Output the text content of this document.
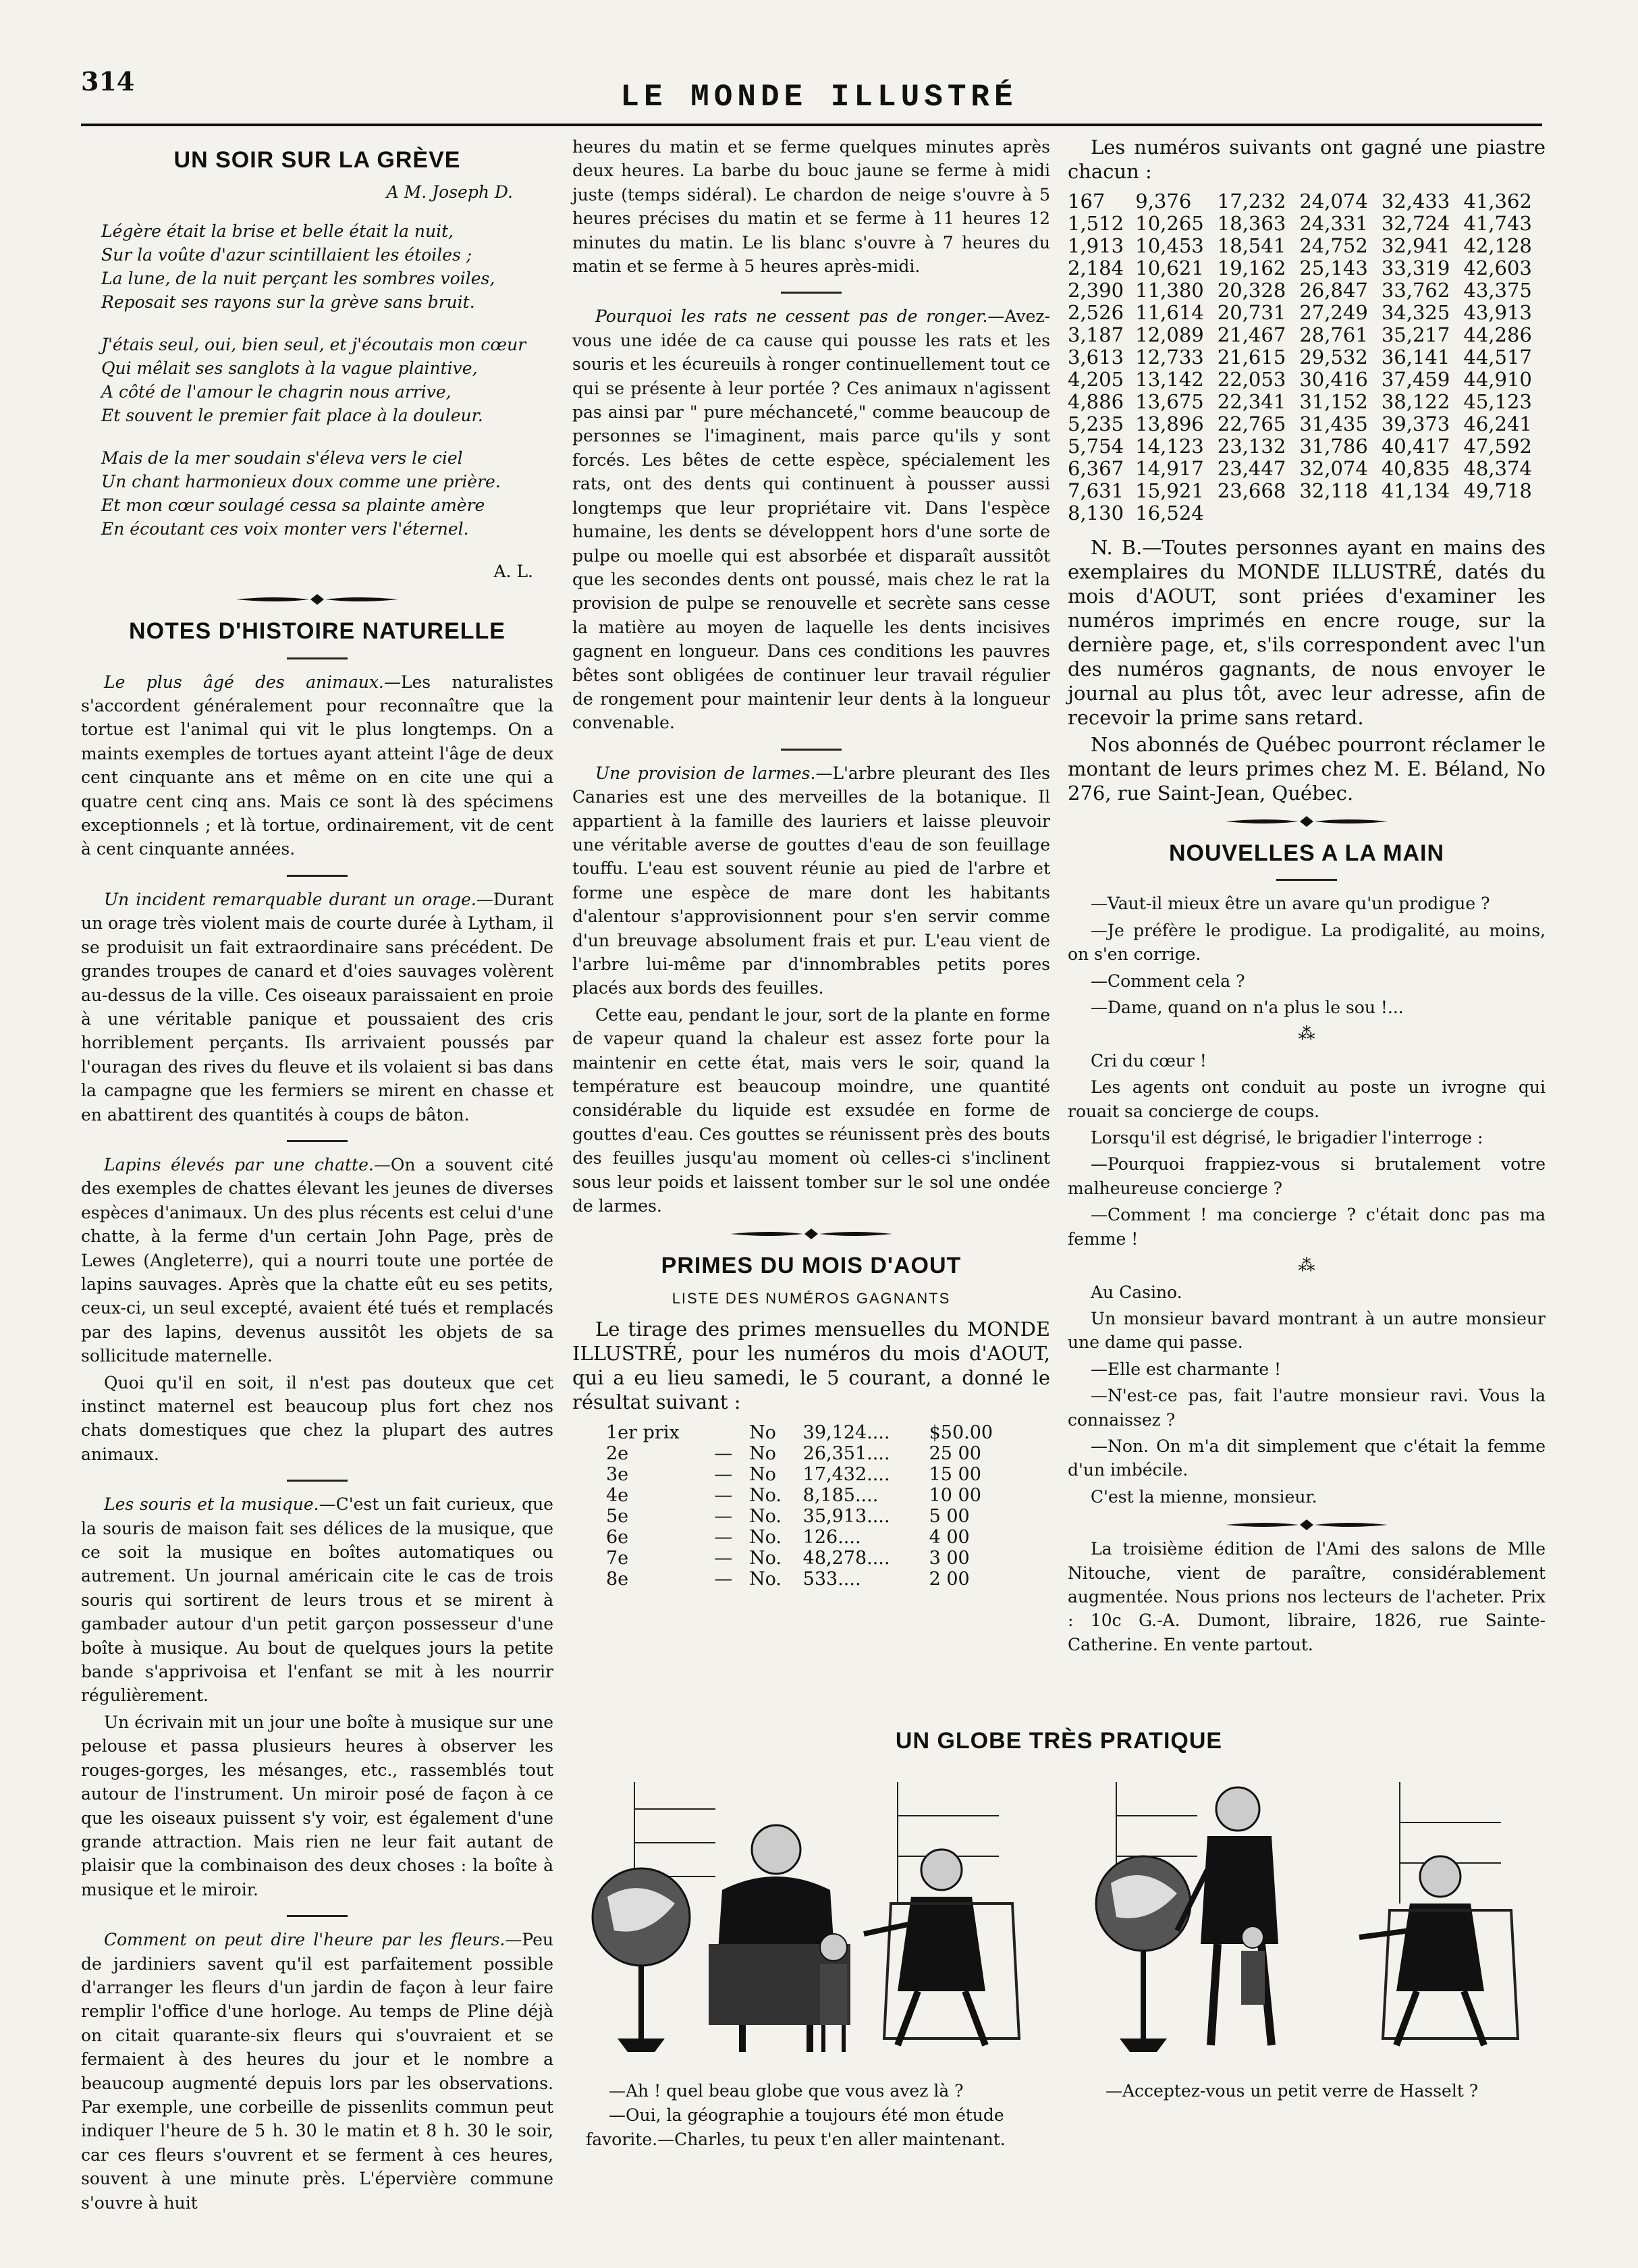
314	LE MONDE ILLUSTRÉ
UN SOIR SUR LA GRÈVE
A M. Joseph D.
Légère était la brise et belle était la nuit,
Sur la voûte d'azur scintillaient les étoiles ;
La lune, de la nuit perçant les sombres voiles,
Reposait ses rayons sur la grève sans bruit.
J'étais seul, oui, bien seul, et j'écoutais mon cœur
Qui mêlait ses sanglots à la vague plaintive,
A côté de l'amour le chagrin nous arrive,
Et souvent le premier fait place à la douleur.
Mais de la mer soudain s'éleva vers le ciel
Un chant harmonieux doux comme une prière.
Et mon cœur soulagé cessa sa plainte amère
En écoutant ces voix monter vers l'éternel.
A. L.
NOTES D'HISTOIRE NATURELLE

Le plus âgé des animaux.—Les naturalistes s'accordent généralement pour reconnaître que la tortue est l'animal qui vit le plus longtemps. On a maints exemples de tortues ayant atteint l'âge de deux cent cinquante ans et même on en cite une qui a quatre cent cinq ans. Mais ce sont là des spécimens exceptionnels ; et là tortue, ordinairement, vit de cent à cent cinquante années.

Un incident remarquable durant un orage.—Durant un orage très violent mais de courte durée à Lytham, il se produisit un fait extraordinaire sans précédent. De grandes troupes de canard et d'oies sauvages volèrent au-dessus de la ville. Ces oiseaux paraissaient en proie à une véritable panique et poussaient des cris horriblement perçants. Ils arrivaient poussés par l'ouragan des rives du fleuve et ils volaient si bas dans la campagne que les fermiers se mirent en chasse et en abattirent des quantités à coups de bâton.

Lapins élevés par une chatte.—On a souvent cité des exemples de chattes élevant les jeunes de diverses espèces d'animaux. Un des plus récents est celui d'une chatte, à la ferme d'un certain John Page, près de Lewes (Angleterre), qui a nourri toute une portée de lapins sauvages. Après que la chatte eût eu ses petits, ceux-ci, un seul excepté, avaient été tués et remplacés par des lapins, devenus aussitôt les objets de sa sollicitude maternelle.

Quoi qu'il en soit, il n'est pas douteux que cet instinct maternel est beaucoup plus fort chez nos chats domestiques que chez la plupart des autres animaux.

Les souris et la musique.—C'est un fait curieux, que la souris de maison fait ses délices de la musique, que ce soit la musique en boîtes automatiques ou autrement. Un journal américain cite le cas de trois souris qui sortirent de leurs trous et se mirent à gambader autour d'un petit garçon possesseur d'une boîte à musique. Au bout de quelques jours la petite bande s'apprivoisa et l'enfant se mit à les nourrir régulièrement.

Un écrivain mit un jour une boîte à musique sur une pelouse et passa plusieurs heures à observer les rouges-gorges, les mésanges, etc., rassemblés tout autour de l'instrument. Un miroir posé de façon à ce que les oiseaux puissent s'y voir, est également d'une grande attraction. Mais rien ne leur fait autant de plaisir que la combinaison des deux choses : la boîte à musique et le miroir.

Comment on peut dire l'heure par les fleurs.—Peu de jardiniers savent qu'il est parfaitement possible d'arranger les fleurs d'un jardin de façon à leur faire remplir l'office d'une horloge. Au temps de Pline déjà on citait quarante-six fleurs qui s'ouvraient et se fermaient à des heures du jour et le nombre a beaucoup augmenté depuis lors par les observations. Par exemple, une corbeille de pissenlits commun peut indiquer l'heure de 5 h. 30 le matin et 8 h. 30 le soir, car ces fleurs s'ouvrent et se ferment à ces heures, souvent à une minute près. L'épervière commune s'ouvre à huit

heures du matin et se ferme quelques minutes après deux heures. La barbe du bouc jaune se ferme à midi juste (temps sidéral). Le chardon de neige s'ouvre à 5 heures précises du matin et se ferme à 11 heures 12 minutes du matin. Le lis blanc s'ouvre à 7 heures du matin et se ferme à 5 heures après-midi.

Pourquoi les rats ne cessent pas de ronger.—Avez-vous une idée de ca cause qui pousse les rats et les souris et les écureuils à ronger continuellement tout ce qui se présente à leur portée ? Ces animaux n'agissent pas ainsi par " pure méchanceté," comme beaucoup de personnes se l'imaginent, mais parce qu'ils y sont forcés. Les bêtes de cette espèce, spécialement les rats, ont des dents qui continuent à pousser aussi longtemps que leur propriétaire vit. Dans l'espèce humaine, les dents se développent hors d'une sorte de pulpe ou moelle qui est absorbée et disparaît aussitôt que les secondes dents ont poussé, mais chez le rat la provision de pulpe se renouvelle et secrète sans cesse la matière au moyen de laquelle les dents incisives gagnent en longueur. Dans ces conditions les pauvres bêtes sont obligées de continuer leur travail régulier de rongement pour maintenir leur dents à la longueur convenable.

Une provision de larmes.—L'arbre pleurant des Iles Canaries est une des merveilles de la botanique. Il appartient à la famille des lauriers et laisse pleuvoir une véritable averse de gouttes d'eau de son feuillage touffu. L'eau est souvent réunie au pied de l'arbre et forme une espèce de mare dont les habitants d'alentour s'approvisionnent pour s'en servir comme d'un breuvage absolument frais et pur. L'eau vient de l'arbre lui-même par d'innombrables petits pores placés aux bords des feuilles.

Cette eau, pendant le jour, sort de la plante en forme de vapeur quand la chaleur est assez forte pour la maintenir en cette état, mais vers le soir, quand la température est beaucoup moindre, une quantité considérable du liquide est exsudée en forme de gouttes d'eau. Ces gouttes se réunissent près des bouts des feuilles jusqu'au moment où celles-ci s'inclinent sous leur poids et laissent tomber sur le sol une ondée de larmes.

PRIMES DU MOIS D'AOUT
LISTE DES NUMÉROS GAGNANTS

Le tirage des primes mensuelles du MONDE ILLUSTRÉ, pour les numéros du mois d'AOUT, qui a eu lieu samedi, le 5 courant, a donné le résultat suivant :

1er prix		No	39,124....	$50.00
2e	—	No	26,351....	25 00
3e	—	No	17,432....	15 00
4e	—	No.	8,185....	10 00
5e	—	No.	35,913....	5 00
6e	—	No.	126....	4 00
7e	—	No.	48,278....	3 00
8e	—	No.	533....	2 00

Les numéros suivants ont gagné une piastre chacun :

167	9,376	17,232	24,074	32,433	41,362
1,512	10,265	18,363	24,331	32,724	41,743
1,913	10,453	18,541	24,752	32,941	42,128
2,184	10,621	19,162	25,143	33,319	42,603
2,390	11,380	20,328	26,847	33,762	43,375
2,526	11,614	20,731	27,249	34,325	43,913
3,187	12,089	21,467	28,761	35,217	44,286
3,613	12,733	21,615	29,532	36,141	44,517
4,205	13,142	22,053	30,416	37,459	44,910
4,886	13,675	22,341	31,152	38,122	45,123
5,235	13,896	22,765	31,435	39,373	46,241
5,754	14,123	23,132	31,786	40,417	47,592
6,367	14,917	23,447	32,074	40,835	48,374
7,631	15,921	23,668	32,118	41,134	49,718
8,130	16,524				

N. B.—Toutes personnes ayant en mains des exemplaires du MONDE ILLUSTRÉ, datés du mois d'AOUT, sont priées d'examiner les numéros imprimés en encre rouge, sur la dernière page, et, s'ils correspondent avec l'un des numéros gagnants, de nous envoyer le journal au plus tôt, avec leur adresse, afin de recevoir la prime sans retard.

Nos abonnés de Québec pourront réclamer le montant de leurs primes chez M. E. Béland, No 276, rue Saint-Jean, Québec.

NOUVELLES A LA MAIN

—Vaut-il mieux être un avare qu'un prodigue ?

—Je préfère le prodigue. La prodigalité, au moins, on s'en corrige.

—Comment cela ?

—Dame, quand on n'a plus le sou !...

⁂

Cri du cœur !

Les agents ont conduit au poste un ivrogne qui rouait sa concierge de coups.

Lorsqu'il est dégrisé, le brigadier l'interroge :

—Pourquoi frappiez-vous si brutalement votre malheureuse concierge ?

—Comment ! ma concierge ? c'était donc pas ma femme !

⁂

Au Casino.

Un monsieur bavard montrant à un autre monsieur une dame qui passe.

—Elle est charmante !

—N'est-ce pas, fait l'autre monsieur ravi. Vous la connaissez ?

—Non. On m'a dit simplement que c'était la femme d'un imbécile.

C'est la mienne, monsieur.

La troisième édition de l'Ami des salons de Mlle Nitouche, vient de paraître, considérablement augmentée. Nous prions nos lecteurs de l'acheter. Prix : 10c G.-A. Dumont, libraire, 1826, rue Sainte-Catherine. En vente partout.

UN GLOBE TRÈS PRATIQUE
—Ah ! quel beau globe que vous avez là ?
—Oui, la géographie a toujours été mon étude favorite.—Charles, tu peux t'en aller maintenant.
—Acceptez-vous un petit verre de Hasselt ?
